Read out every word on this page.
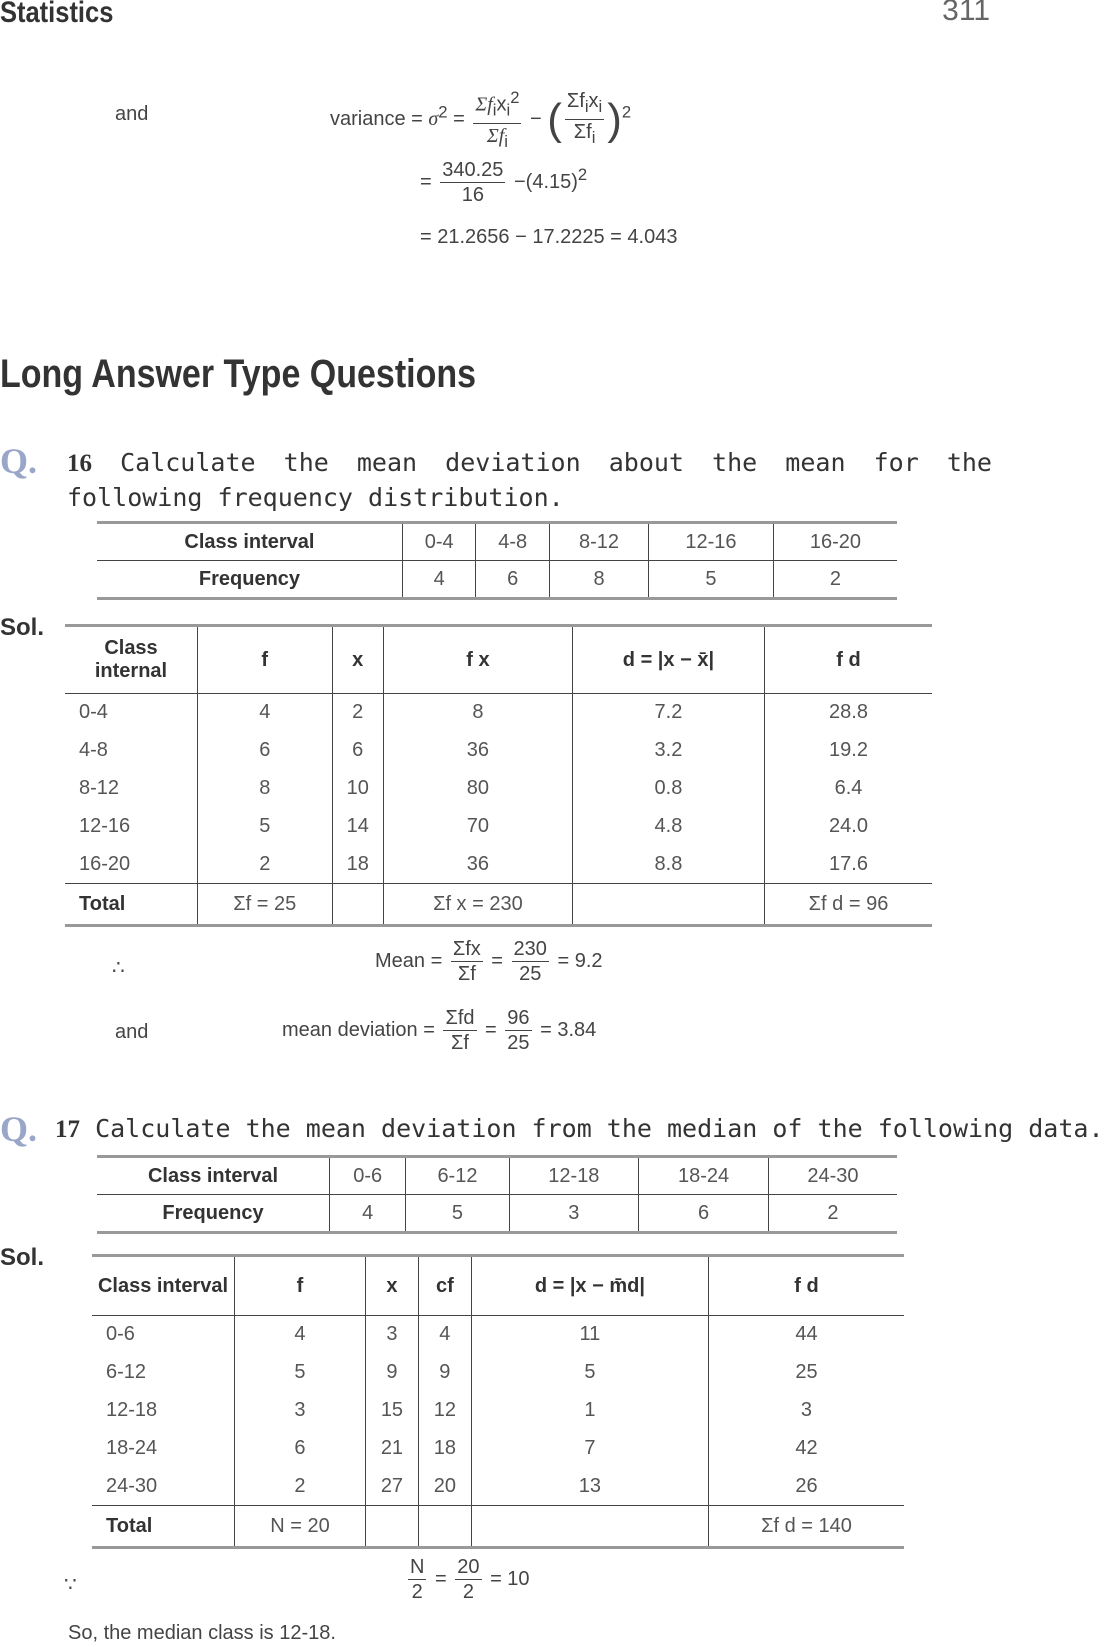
Statistics	311
and	variance = $\sigma^2 = \frac{\Sigma f_ix_i^2}{\Sigma f_i}$ − ( $\frac{\Sigma f_ix_i}{\Sigma f_i} )^2$
= $\frac{340.25}{16} -(4.15)^2$
= 21.2656 − 17.2225 = 4.043
Long Answer Type Questions
Q. 16 Calculate the mean deviation about the mean for the following frequency distribution.
Class interval	0-4	4-8	8-12	12-16	16-20
Frequency	4	6	8	5	2
Sol.
Class internal	f	x	f x	d = |x − x̄|	f d
0-4	4	2	8	7.2	28.8
4-8	6	6	36	3.2	19.2
8-12	8	10	80	0.8	6.4
12-16	5	14	70	4.8	24.0
16-20	2	18	36	8.8	17.6
Total	Σf = 25		Σf x = 230		Σf d = 96
∴	Mean = $\frac{\text{Σfx}}{\Sigma f} = \frac{230}{25} = 9.2$
and	mean deviation = $\frac{\text{Σfd}}{\Sigma f} = \frac{96}{25} = 3.84$
Q. 17 Calculate the mean deviation from the median of the following data.
Class interval	0-6	6-12	12-18	18-24	24-30
Frequency	4	5	3	6	2
Sol.
Class interval	f	x	cf	d = |x − m̄d|	f d
0-6	4	3	4	11	44
6-12	5	9	9	5	25
12-18	3	15	12	1	3
18-24	6	21	18	7	42
24-30	2	27	20	13	26
Total	N = 20				Σf d = 140
∵	$\frac{N}{2} = \frac{20}{2} = 10$
So, the median class is 12-18.
